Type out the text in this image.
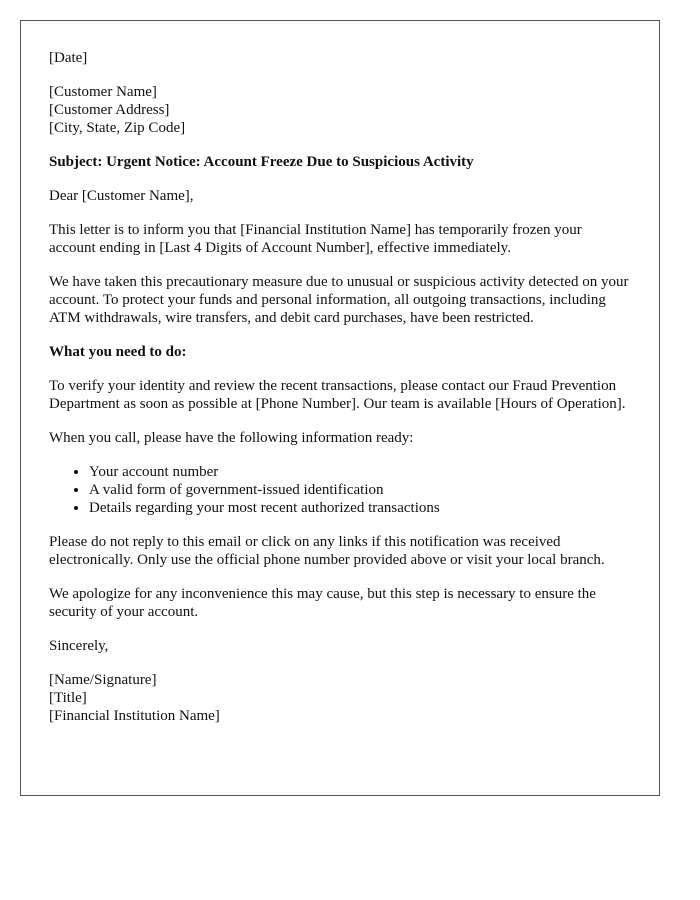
[Date]

[Customer Name]
[Customer Address]
[City, State, Zip Code]

Subject: Urgent Notice: Account Freeze Due to Suspicious Activity

Dear [Customer Name],

This letter is to inform you that [Financial Institution Name] has temporarily frozen your account ending in [Last 4 Digits of Account Number], effective immediately.

We have taken this precautionary measure due to unusual or suspicious activity detected on your account. To protect your funds and personal information, all outgoing transactions, including ATM withdrawals, wire transfers, and debit card purchases, have been restricted.

What you need to do:

To verify your identity and review the recent transactions, please contact our Fraud Prevention Department as soon as possible at [Phone Number]. Our team is available [Hours of Operation].

When you call, please have the following information ready:

• Your account number
• A valid form of government-issued identification
• Details regarding your most recent authorized transactions

Please do not reply to this email or click on any links if this notification was received electronically. Only use the official phone number provided above or visit your local branch.

We apologize for any inconvenience this may cause, but this step is necessary to ensure the security of your account.

Sincerely,

[Name/Signature]
[Title]
[Financial Institution Name]
